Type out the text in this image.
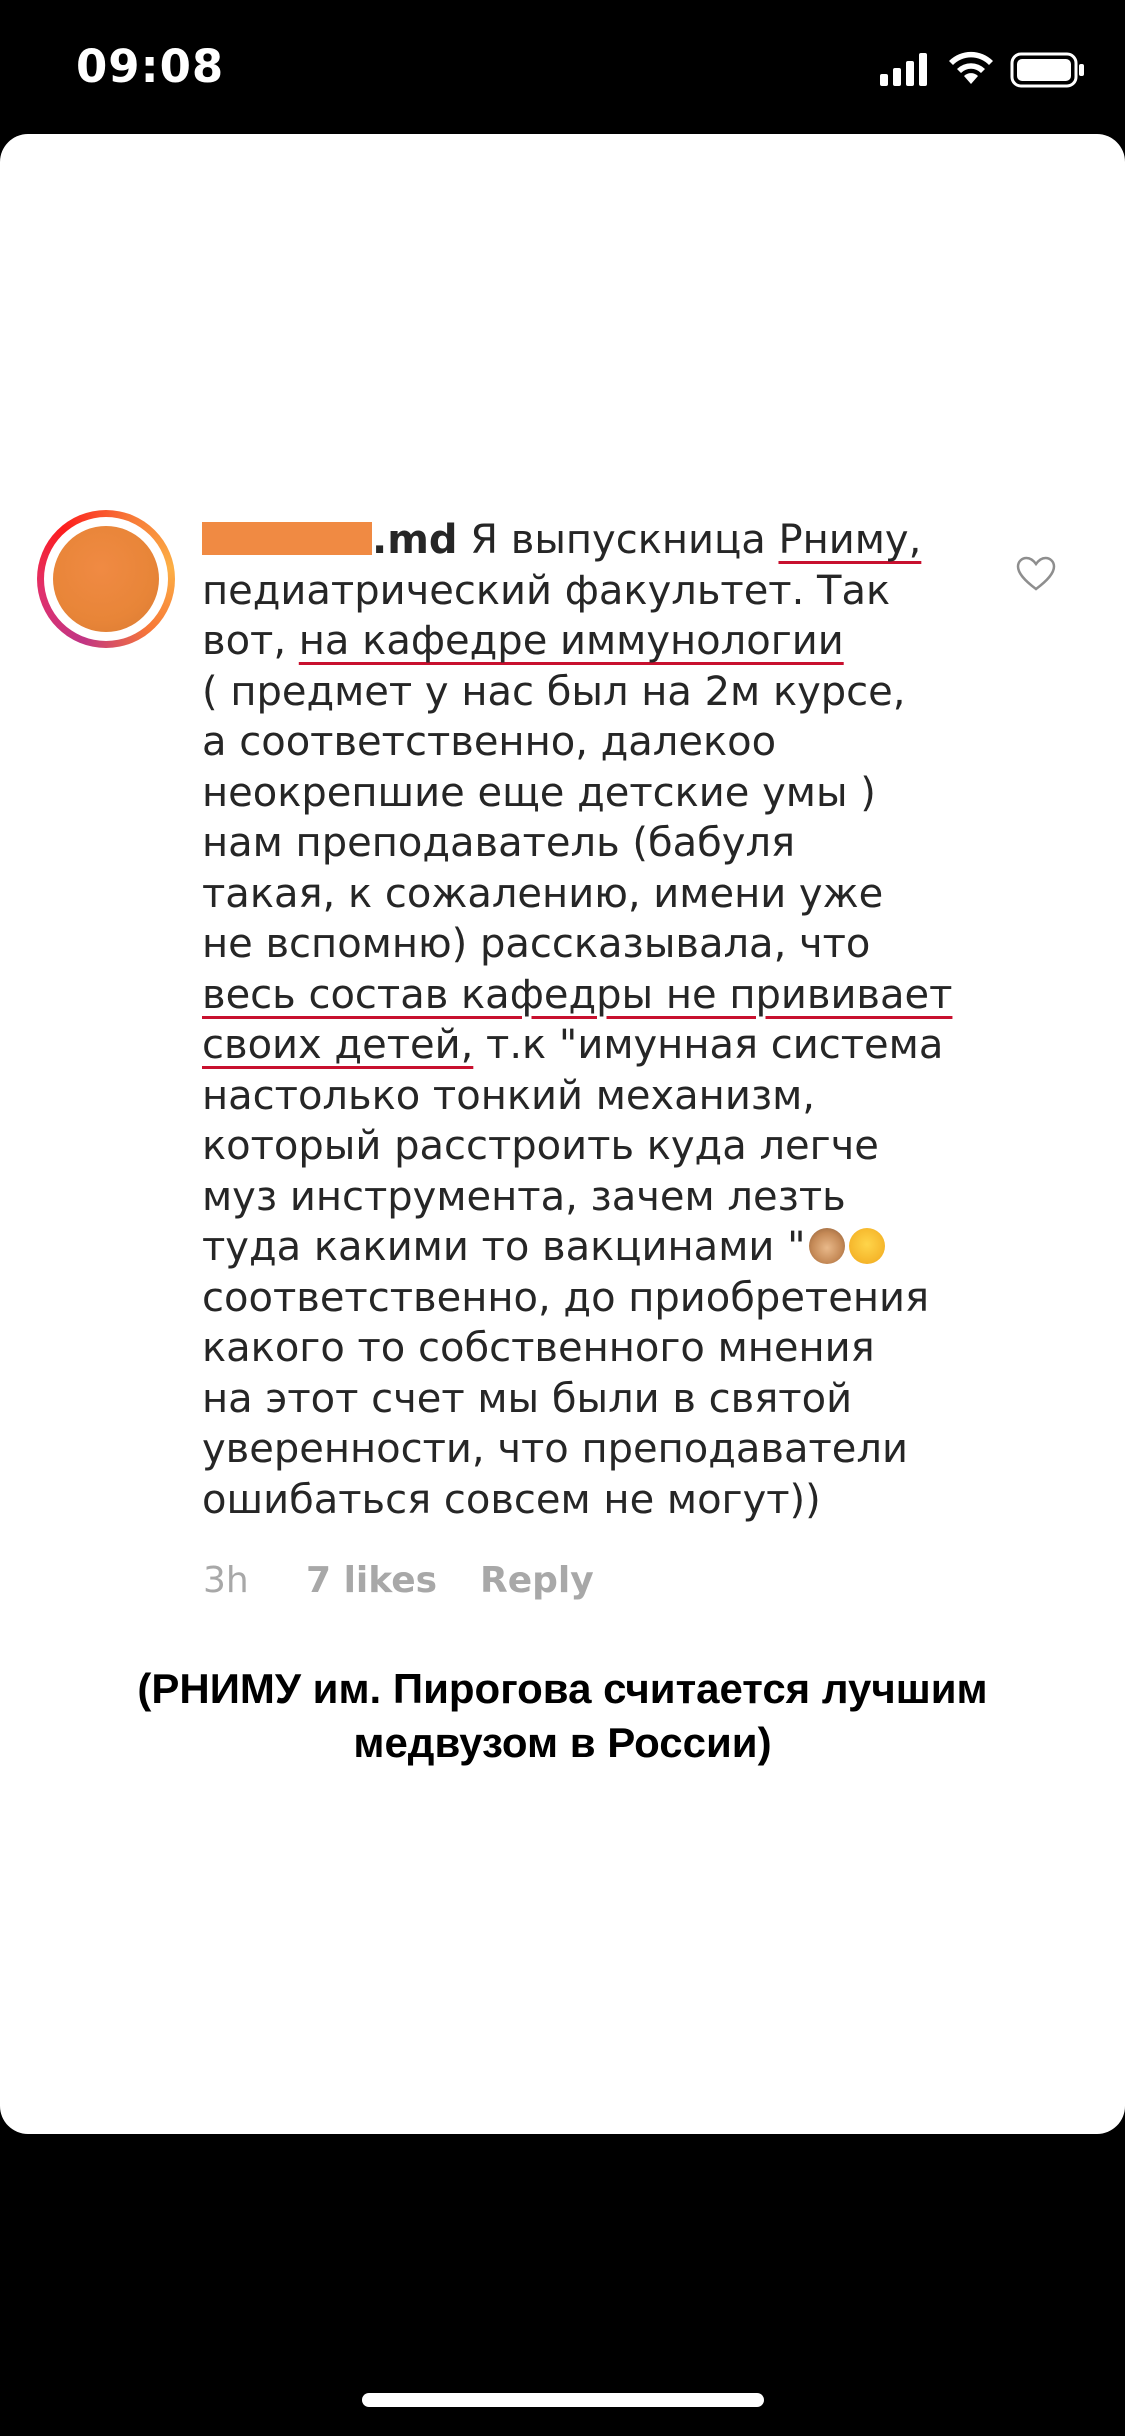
09:08
.md Я выпускница Рниму,
педиатрический факультет. Так
вот, на кафедре иммунологии
( предмет у нас был на 2м курсе,
а соответственно, далекоо
неокрепшие еще детские умы )
нам преподаватель (бабуля
такая, к сожалению, имени уже
не вспомню) рассказывала, что
весь состав кафедры не прививает
своих детей, т.к "имунная система
настолько тонкий механизм,
который расстроить куда легче
муз инструмента, зачем лезть
туда какими то вакцинами "
соответственно, до приобретения
какого то собственного мнения
на этот счет мы были в святой
уверенности, что преподаватели
ошибаться совсем не могут))
3h 7 likes Reply
(РНИМУ им. Пирогова считается лучшим
медвузом в России)
